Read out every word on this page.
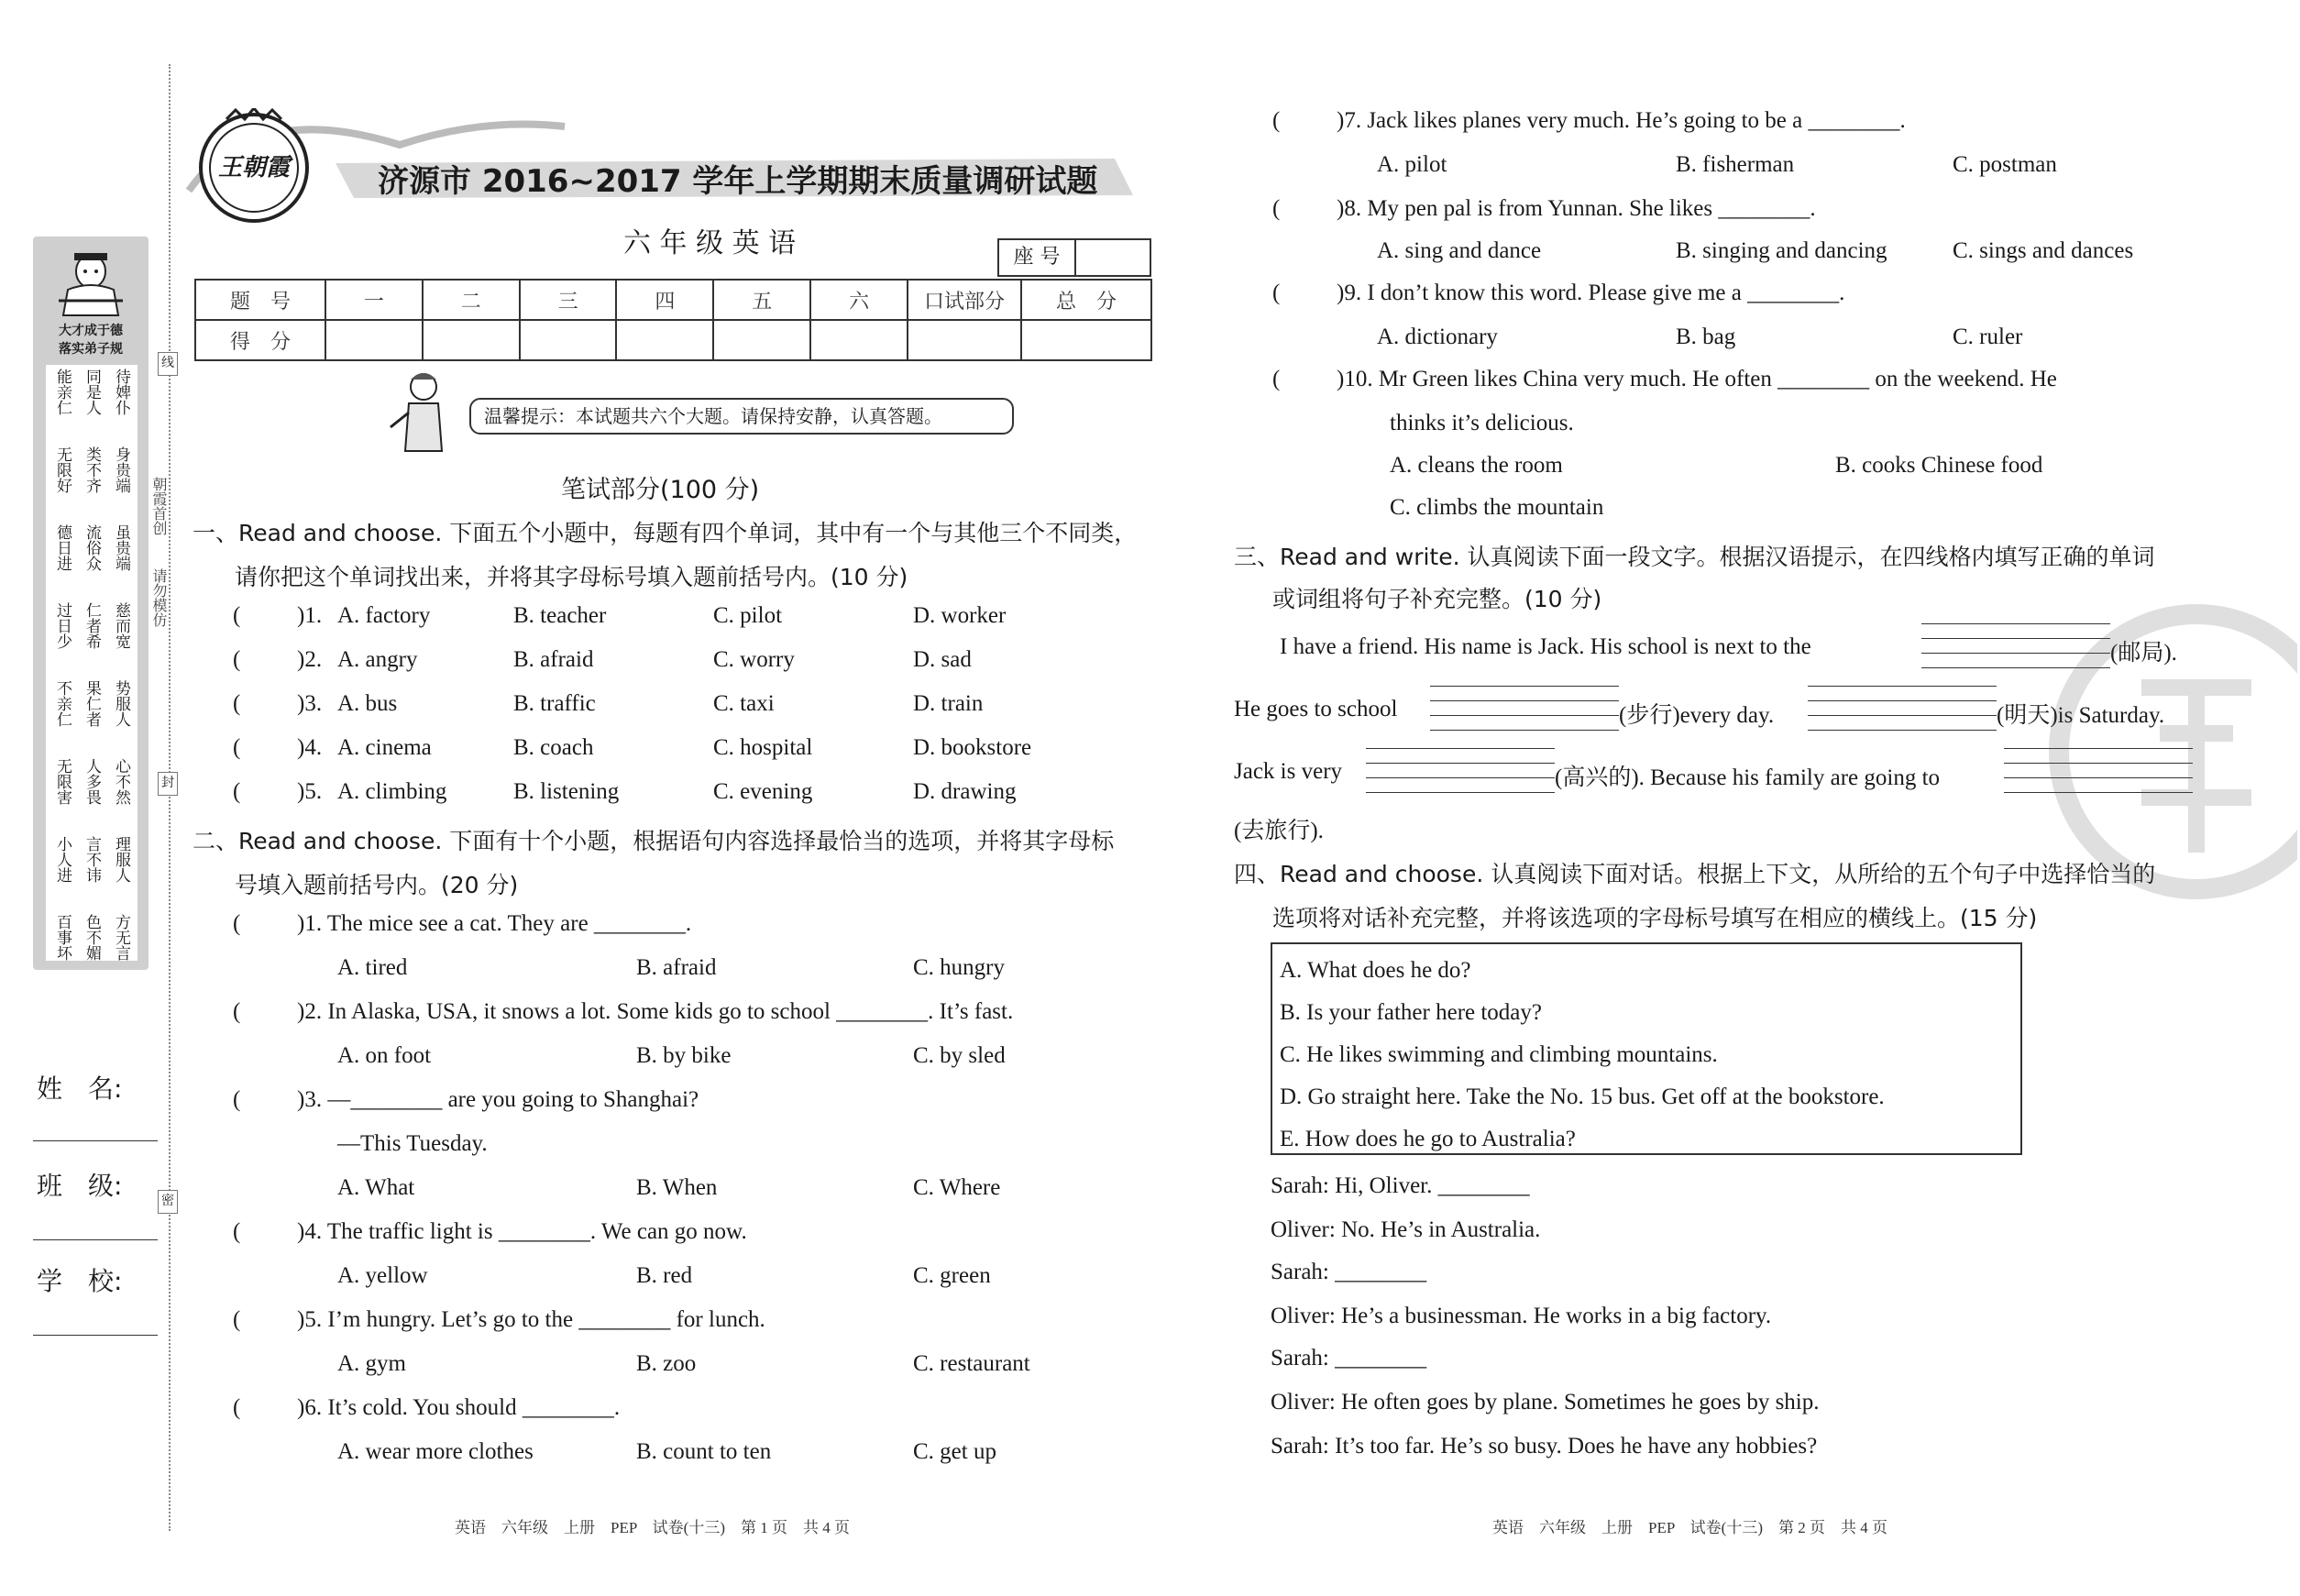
线
封
密
朝霞首创
请勿模仿
大才成于德
落实弟子规
能亲仁 同是人 待婢仆
无限好 类不齐 身贵端
德日进 流俗众 虽贵端
过日少 仁者希 慈而宽
不亲仁 果仁者 势服人
无限害 人多畏 心不然
小人进 言不讳 理服人
百事坏 色不媚 方无言
姓　名:
班　级:
学　校:
王朝霞	济源市 2016~2017 学年上学期期末质量调研试题
六 年 级 英 语	座 号
题　号	一	二	三	四	五	六	口试部分	总　分
得　分								
温馨提示：本试题共六个大题。请保持安静，认真答题。
笔试部分(100 分)
一、Read and choose. 下面五个小题中，每题有四个单词，其中有一个与其他三个不同类，
请你把这个单词找出来，并将其字母标号填入题前括号内。(10 分)
( )1. A. factory	B. teacher	C. pilot	D. worker
( )2. A. angry	B. afraid	C. worry	D. sad
( )3. A. bus	B. traffic	C. taxi	D. train
( )4. A. cinema	B. coach	C. hospital	D. bookstore
( )5. A. climbing	B. listening	C. evening	D. drawing
二、Read and choose. 下面有十个小题，根据语句内容选择最恰当的选项，并将其字母标
号填入题前括号内。(20 分)
( )1. The mice see a cat. They are ________.
A. tired	B. afraid	C. hungry
( )2. In Alaska, USA, it snows a lot. Some kids go to school ________. It’s fast.
A. on foot	B. by bike	C. by sled
( )3. —________ are you going to Shanghai?
—This Tuesday.
A. What	B. When	C. Where
( )4. The traffic light is ________. We can go now.
A. yellow	B. red	C. green
( )5. I’m hungry. Let’s go to the ________ for lunch.
A. gym	B. zoo	C. restaurant
( )6. It’s cold. You should ________.
A. wear more clothes	B. count to ten	C. get up
英语　六年级　上册　PEP　试卷(十三)　第 1 页　共 4 页
( )7. Jack likes planes very much. He’s going to be a ________.
A. pilot	B. fisherman	C. postman
( )8. My pen pal is from Yunnan. She likes ________.
A. sing and dance	B. singing and dancing	C. sings and dances
( )9. I don’t know this word. Please give me a ________.
A. dictionary	B. bag	C. ruler
( )10. Mr Green likes China very much. He often ________ on the weekend. He
thinks it’s delicious.
A. cleans the room	B. cooks Chinese food
C. climbs the mountain
三、Read and write. 认真阅读下面一段文字。根据汉语提示，在四线格内填写正确的单词
或词组将句子补充完整。(10 分)
I have a friend. His name is Jack. His school is next to the	(邮局).
He goes to school	(步行)every day.	(明天)is Saturday.
Jack is very	(高兴的). Because his family are going to
(去旅行).
四、Read and choose. 认真阅读下面对话。根据上下文，从所给的五个句子中选择恰当的
选项将对话补充完整，并将该选项的字母标号填写在相应的横线上。(15 分)
A. What does he do?
B. Is your father here today?
C. He likes swimming and climbing mountains.
D. Go straight here. Take the No. 15 bus. Get off at the bookstore.
E. How does he go to Australia?
Sarah: Hi, Oliver. ________
Oliver: No. He’s in Australia.
Sarah: ________
Oliver: He’s a businessman. He works in a big factory.
Sarah: ________
Oliver: He often goes by plane. Sometimes he goes by ship.
Sarah: It’s too far. He’s so busy. Does he have any hobbies?
英语　六年级　上册　PEP　试卷(十三)　第 2 页　共 4 页
